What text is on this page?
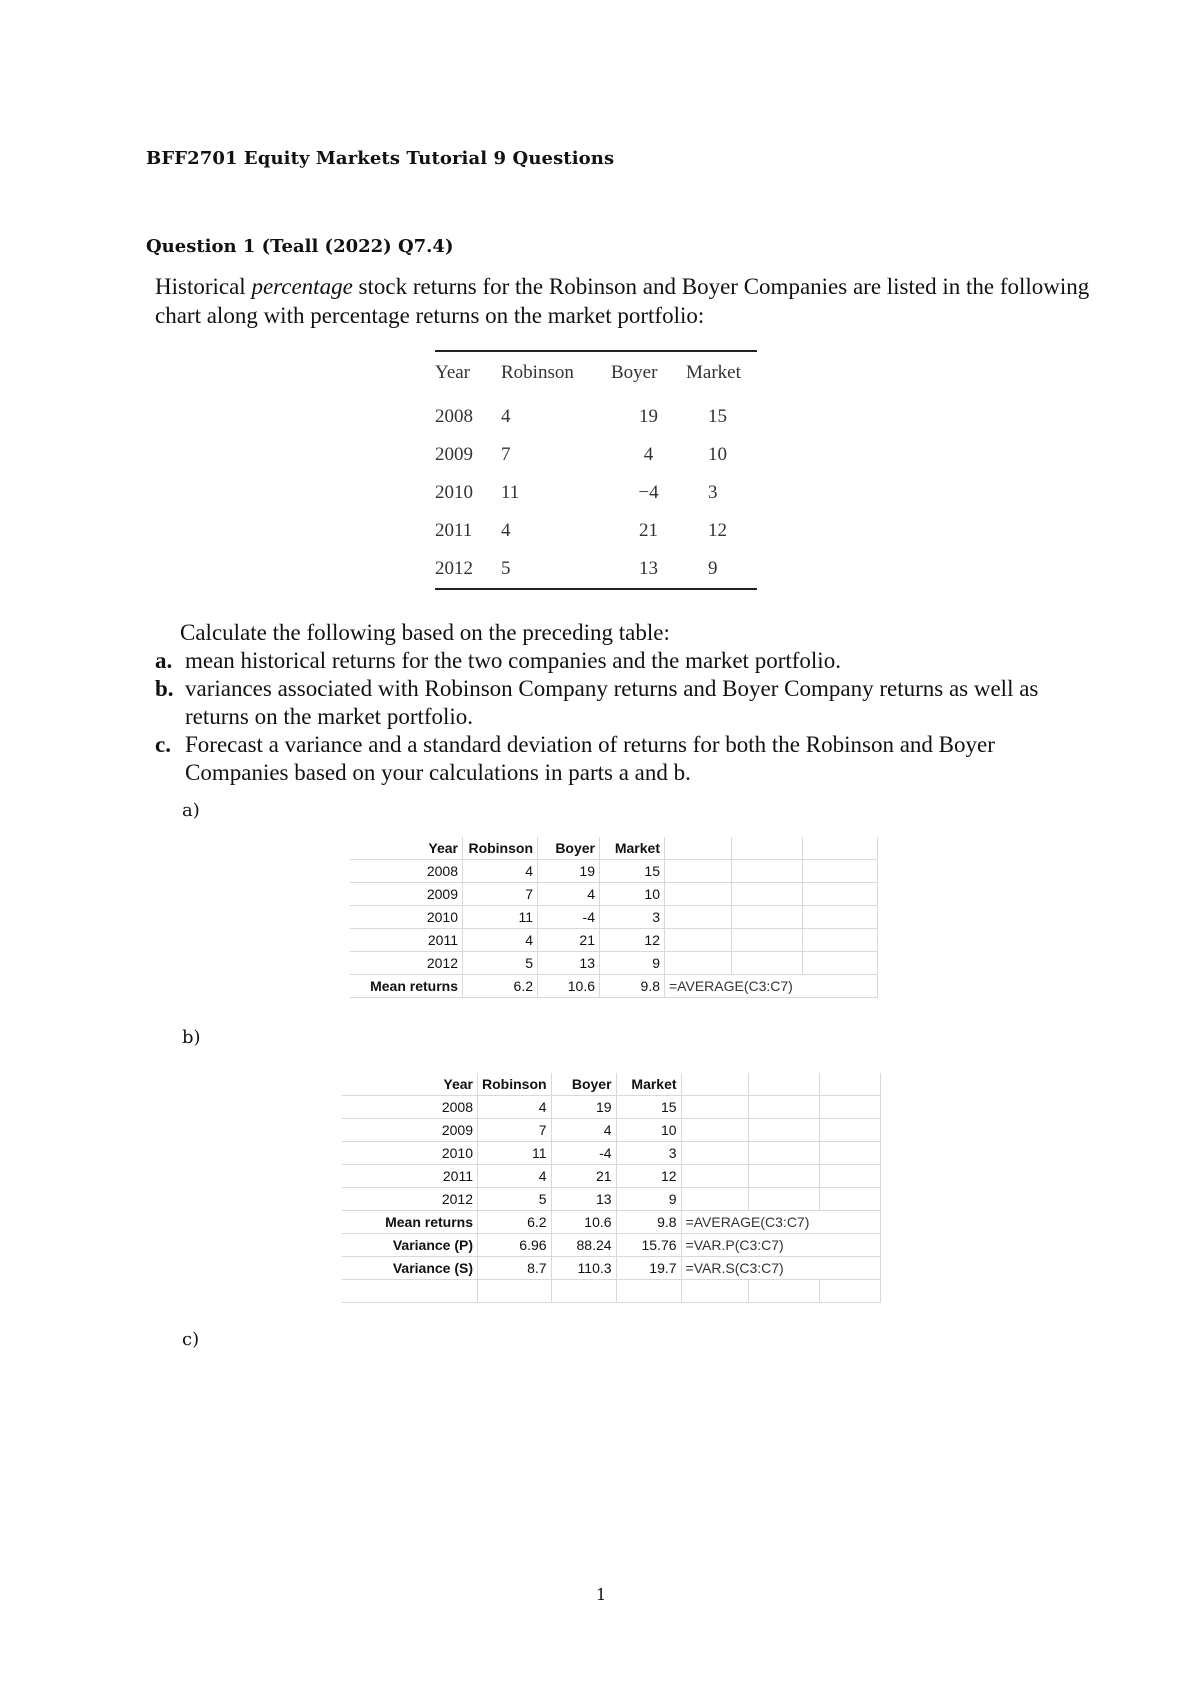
BFF2701 Equity Markets Tutorial 9 Questions
Question 1 (Teall (2022) Q7.4)
Historical percentage stock returns for the Robinson and Boyer Companies are listed in the following chart along with percentage returns on the market portfolio:
Year	Robinson	Boyer	Market
2008	4	19	15
2009	7	4	10
2010	11	−4	3
2011	4	21	12
2012	5	13	9
Calculate the following based on the preceding table:
a. mean historical returns for the two companies and the market portfolio.
b. variances associated with Robinson Company returns and Boyer Company returns as well as returns on the market portfolio.
c. Forecast a variance and a standard deviation of returns for both the Robinson and Boyer Companies based on your calculations in parts a and b.
a)
Year	Robinson	Boyer	Market			
2008	4	19	15			
2009	7	4	10			
2010	11	-4	3			
2011	4	21	12			
2012	5	13	9			
Mean returns	6.2	10.6	9.8	=AVERAGE(C3:C7)		
b)
Year	Robinson	Boyer	Market			
2008	4	19	15			
2009	7	4	10			
2010	11	-4	3			
2011	4	21	12			
2012	5	13	9			
Mean returns	6.2	10.6	9.8	=AVERAGE(C3:C7)		
Variance (P)	6.96	88.24	15.76	=VAR.P(C3:C7)		
Variance (S)	8.7	110.3	19.7	=VAR.S(C3:C7)		

c)
1
